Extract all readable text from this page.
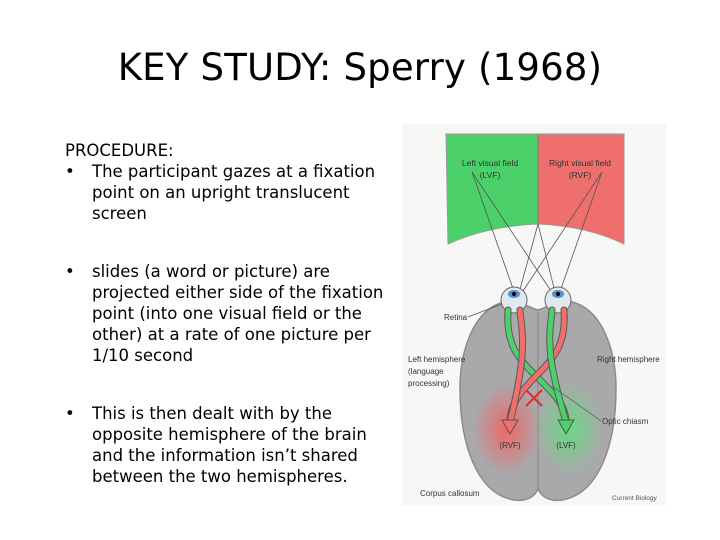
KEY STUDY: Sperry (1968)
PROCEDURE:
•	The participant gazes at a fixation point on an upright translucent screen
•	slides (a word or picture) are projected either side of the fixation point (into one visual field or the other) at a rate of one picture per 1/10 second
•	This is then dealt with by the opposite hemisphere of the brain and the information isn’t shared between the two hemispheres.
Left visual field
(LVF)
Right visual field
(RVF)
Retina
Left hemisphere
(language
processing)
Right hemisphere
Optic chiasm
(RVF)	(LVF)
Corpus callosum
Current Biology
